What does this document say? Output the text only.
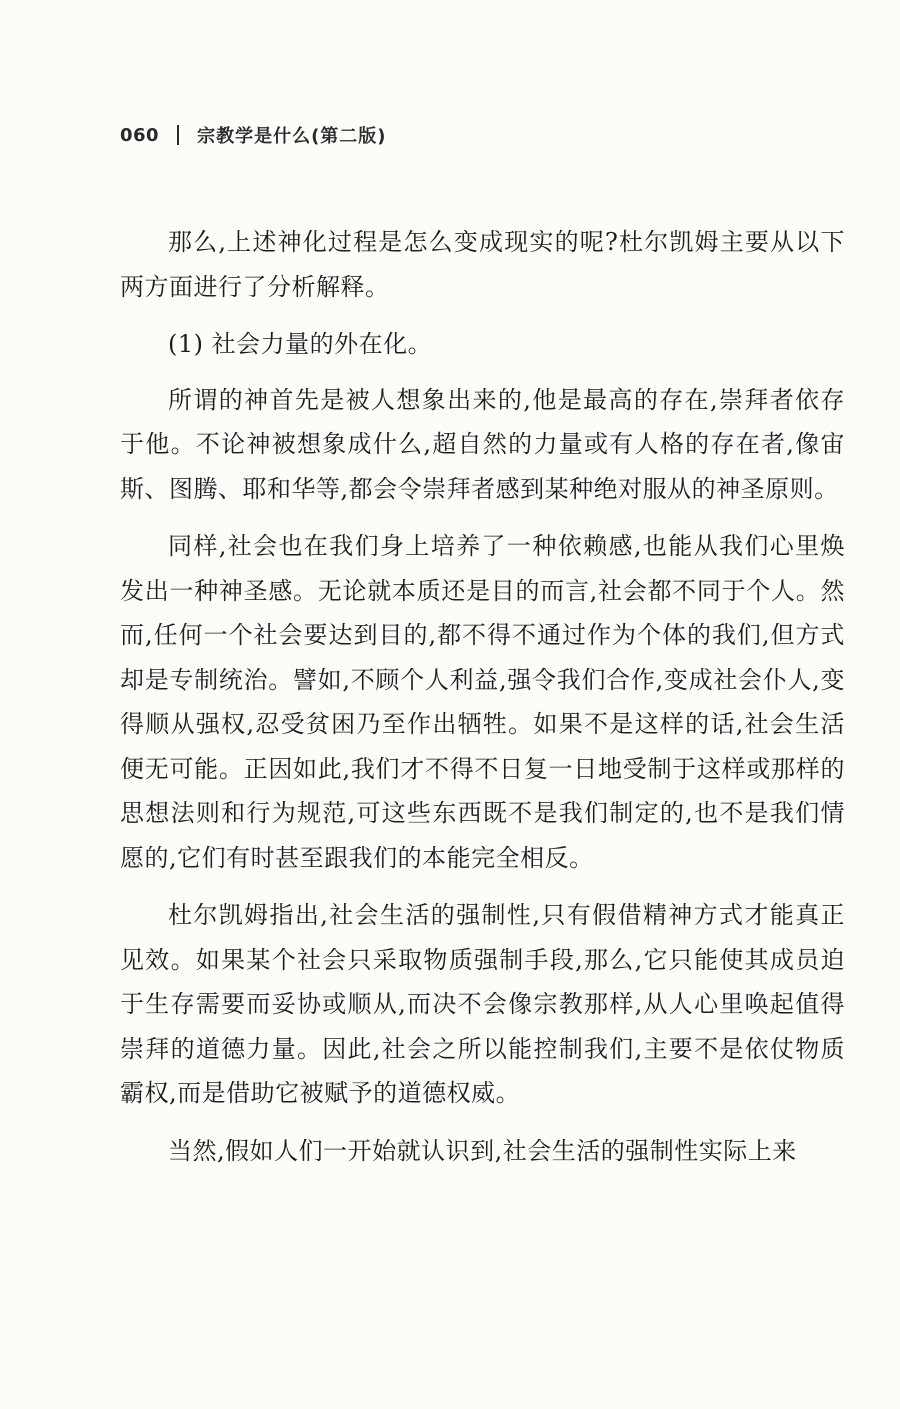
060 宗教学是什么(第二版)

那么,上述神化过程是怎么变成现实的呢?杜尔凯姆主要从以下两方面进行了分析解释。

(1) 社会力量的外在化。

所谓的神首先是被人想象出来的,他是最高的存在,崇拜者依存于他。不论神被想象成什么,超自然的力量或有人格的存在者,像宙斯、图腾、耶和华等,都会令崇拜者感到某种绝对服从的神圣原则。

同样,社会也在我们身上培养了一种依赖感,也能从我们心里焕发出一种神圣感。无论就本质还是目的而言,社会都不同于个人。然而,任何一个社会要达到目的,都不得不通过作为个体的我们,但方式却是专制统治。譬如,不顾个人利益,强令我们合作,变成社会仆人,变得顺从强权,忍受贫困乃至作出牺牲。如果不是这样的话,社会生活便无可能。正因如此,我们才不得不日复一日地受制于这样或那样的思想法则和行为规范,可这些东西既不是我们制定的,也不是我们情愿的,它们有时甚至跟我们的本能完全相反。

杜尔凯姆指出,社会生活的强制性,只有假借精神方式才能真正见效。如果某个社会只采取物质强制手段,那么,它只能使其成员迫于生存需要而妥协或顺从,而决不会像宗教那样,从人心里唤起值得崇拜的道德力量。因此,社会之所以能控制我们,主要不是依仗物质霸权,而是借助它被赋予的道德权威。

当然,假如人们一开始就认识到,社会生活的强制性实际上来
